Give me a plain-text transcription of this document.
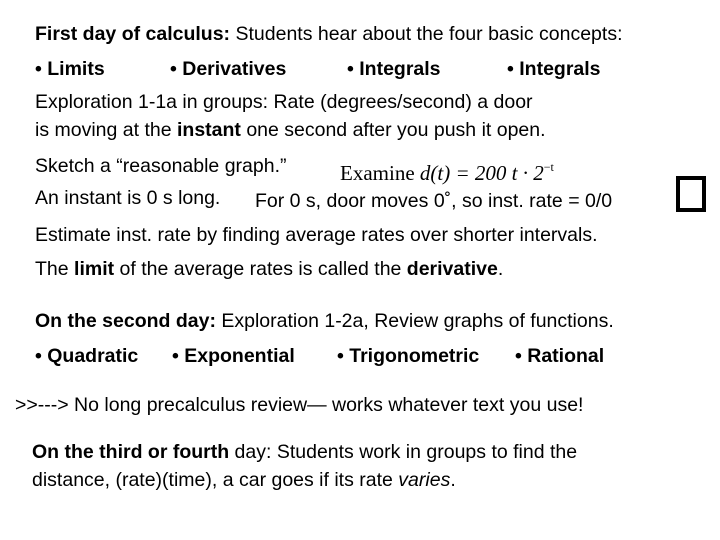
First day of calculus: Students hear about the four basic concepts:
• Limits	• Derivatives	• Integrals	• Integrals
Exploration 1-1a in groups: Rate (degrees/second) a door
is moving at the instant one second after you push it open.
Sketch a “reasonable graph.”	Examine d(t) = 200 $t \cdot 2^{-t}$
An instant is 0 s long. For 0 s, door moves 0˚, so inst. rate = 0/0
Estimate inst. rate by finding average rates over shorter intervals.
The limit of the average rates is called the derivative.
On the second day: Exploration 1-2a, Review graphs of functions.
• Quadratic • Exponential • Trigonometric • Rational
>>---> No long precalculus review— works whatever text you use!
On the third or fourth day: Students work in groups to find the
distance, (rate)(time), a car goes if its rate varies.
